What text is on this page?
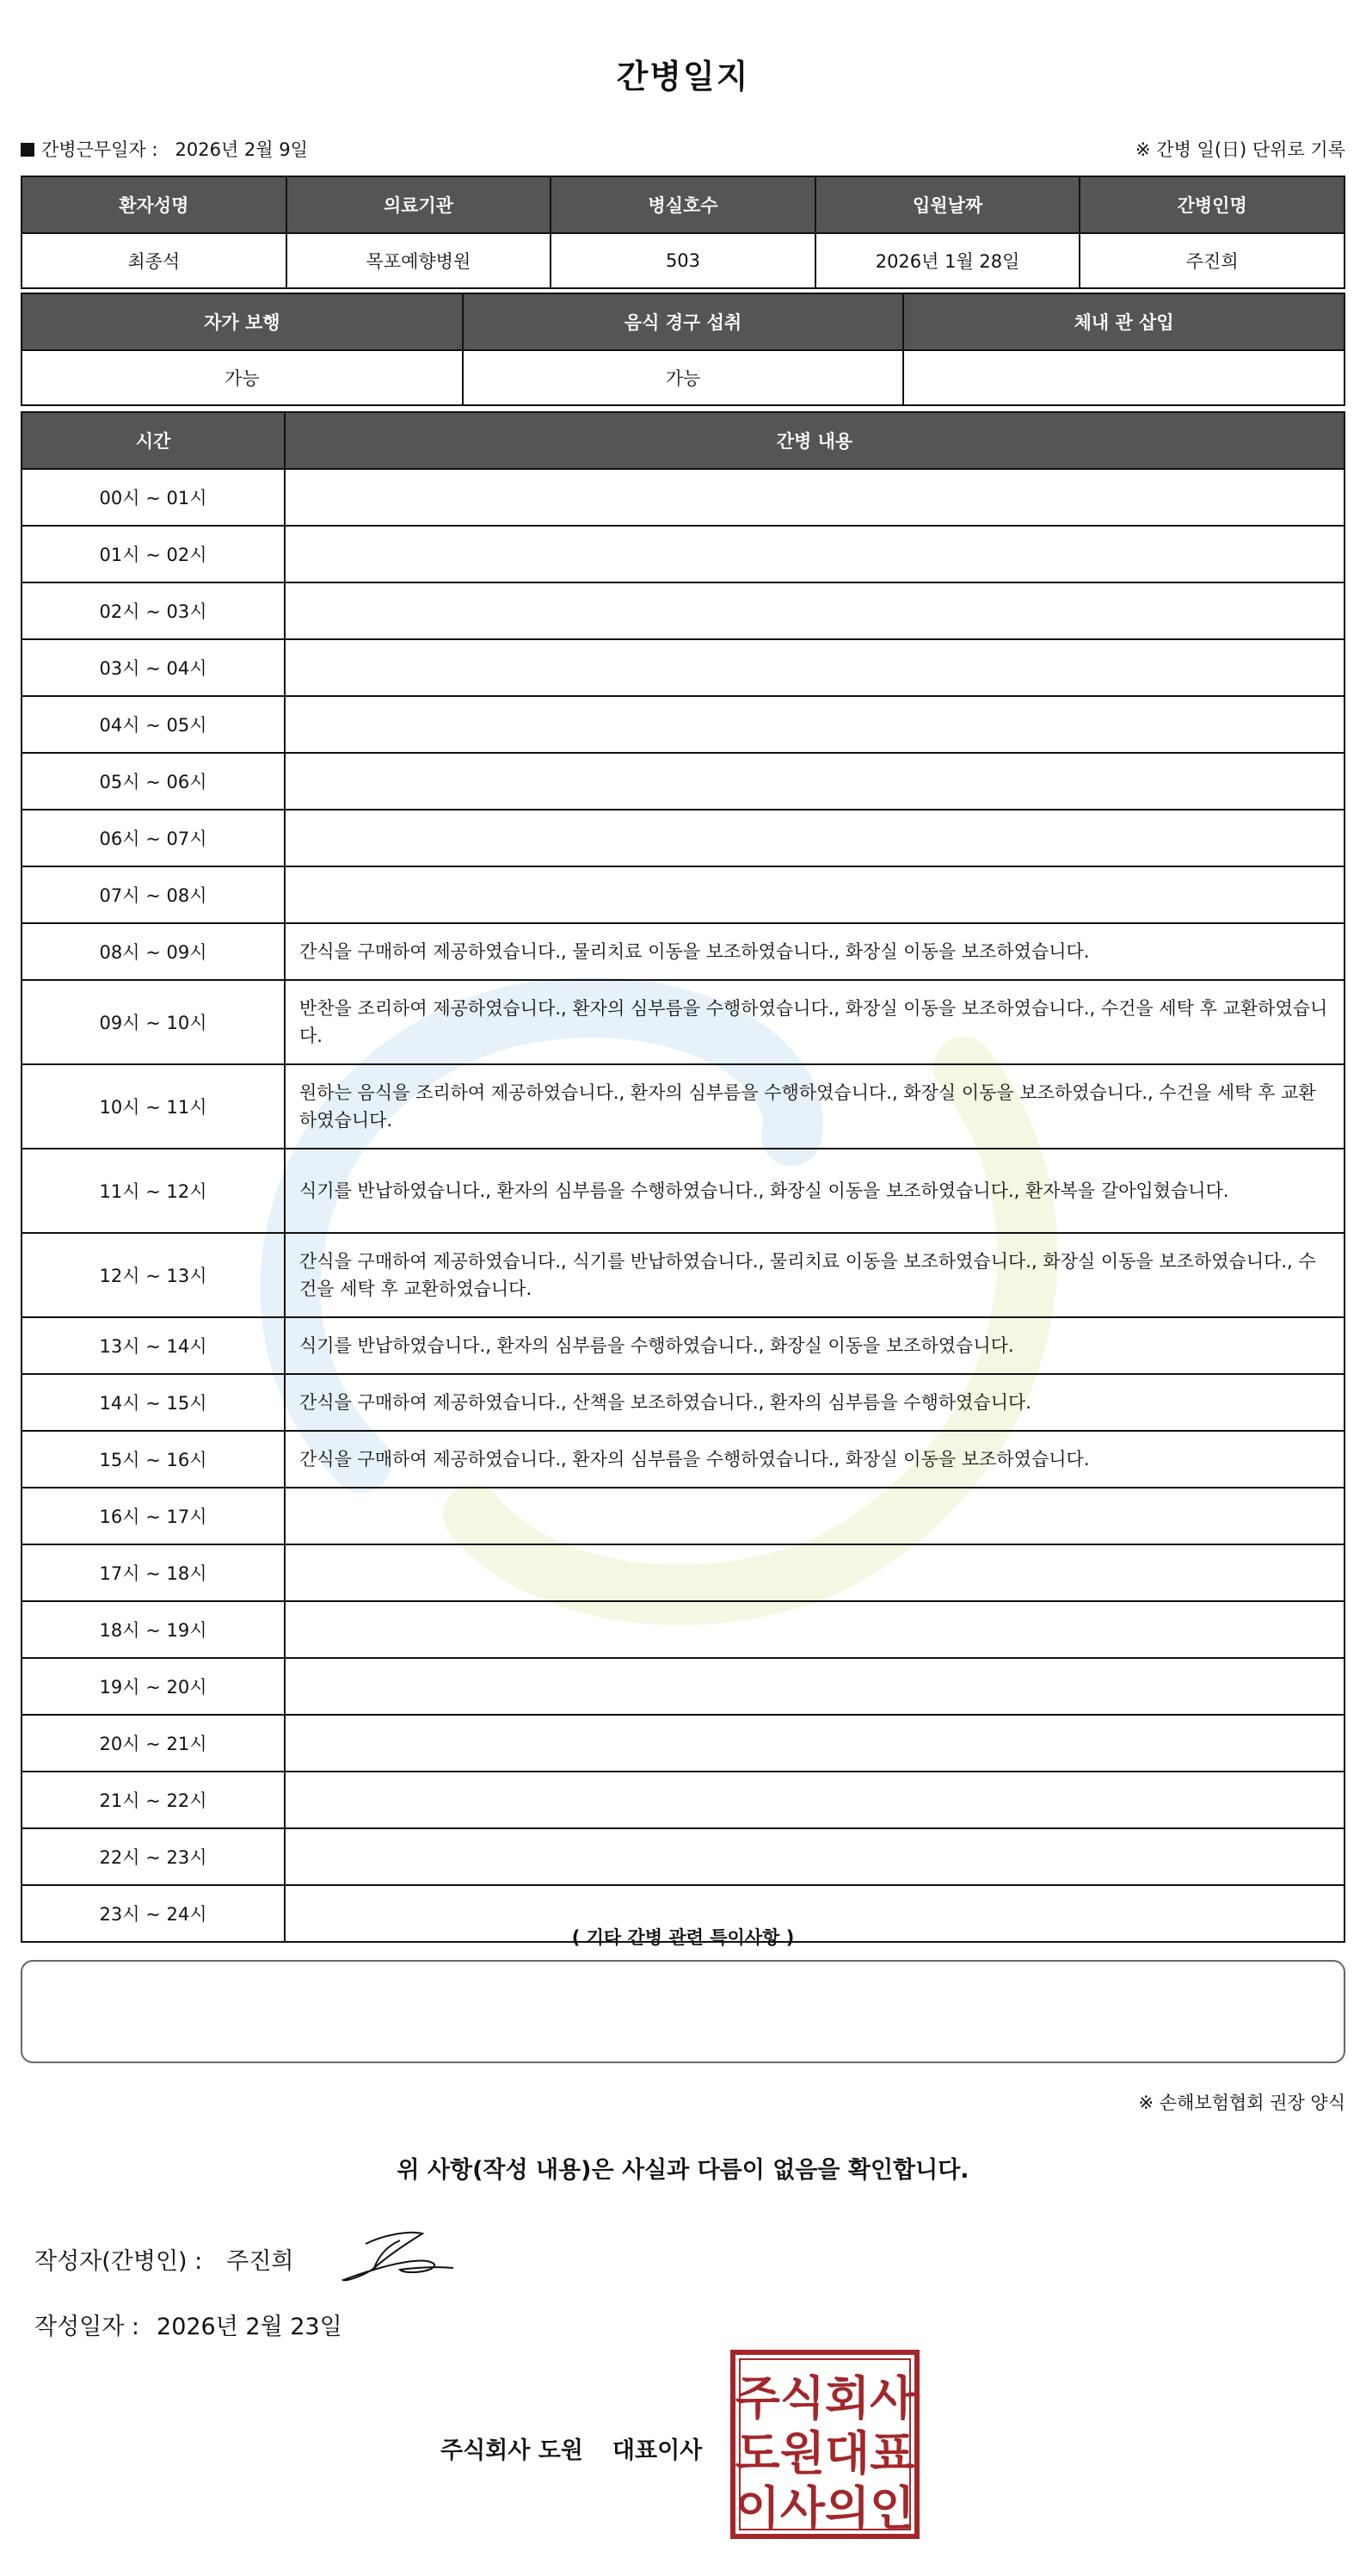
간병일지
간병근무일자 : 2026년 2월 9일	※ 간병 일(日) 단위로 기록
환자성명	의료기관	병실호수	입원날짜	간병인명
최종석	목포예향병원	503	2026년 1월 28일	주진희
자가 보행	음식 경구 섭취	체내 관 삽입
가능	가능	
시간	간병 내용
00시 ~ 01시	
01시 ~ 02시	
02시 ~ 03시	
03시 ~ 04시	
04시 ~ 05시	
05시 ~ 06시	
06시 ~ 07시	
07시 ~ 08시	
08시 ~ 09시	간식을 구매하여 제공하였습니다., 물리치료 이동을 보조하였습니다., 화장실 이동을 보조하였습니다.
09시 ~ 10시	반찬을 조리하여 제공하였습니다., 환자의 심부름을 수행하였습니다., 화장실 이동을 보조하였습니다., 수건을 세탁 후 교환하였습니다.
10시 ~ 11시	원하는 음식을 조리하여 제공하였습니다., 환자의 심부름을 수행하였습니다., 화장실 이동을 보조하였습니다., 수건을 세탁 후 교환하였습니다.
11시 ~ 12시	식기를 반납하였습니다., 환자의 심부름을 수행하였습니다., 화장실 이동을 보조하였습니다., 환자복을 갈아입혔습니다.
12시 ~ 13시	간식을 구매하여 제공하였습니다., 식기를 반납하였습니다., 물리치료 이동을 보조하였습니다., 화장실 이동을 보조하였습니다., 수건을 세탁 후 교환하였습니다.
13시 ~ 14시	식기를 반납하였습니다., 환자의 심부름을 수행하였습니다., 화장실 이동을 보조하였습니다.
14시 ~ 15시	간식을 구매하여 제공하였습니다., 산책을 보조하였습니다., 환자의 심부름을 수행하였습니다.
15시 ~ 16시	간식을 구매하여 제공하였습니다., 환자의 심부름을 수행하였습니다., 화장실 이동을 보조하였습니다.
16시 ~ 17시	
17시 ~ 18시	
18시 ~ 19시	
19시 ~ 20시	
20시 ~ 21시	
21시 ~ 22시	
22시 ~ 23시	
23시 ~ 24시	
( 기타 간병 관련 특이사항 )
※ 손해보험협회 권장 양식
위 사항(작성 내용)은 사실과 다름이 없음을 확인합니다.
작성자(간병인) : 주진희
작성일자 : 2026년 2월 23일
주식회사 도원 대표이사
주식회사
도원대표
이사의인
